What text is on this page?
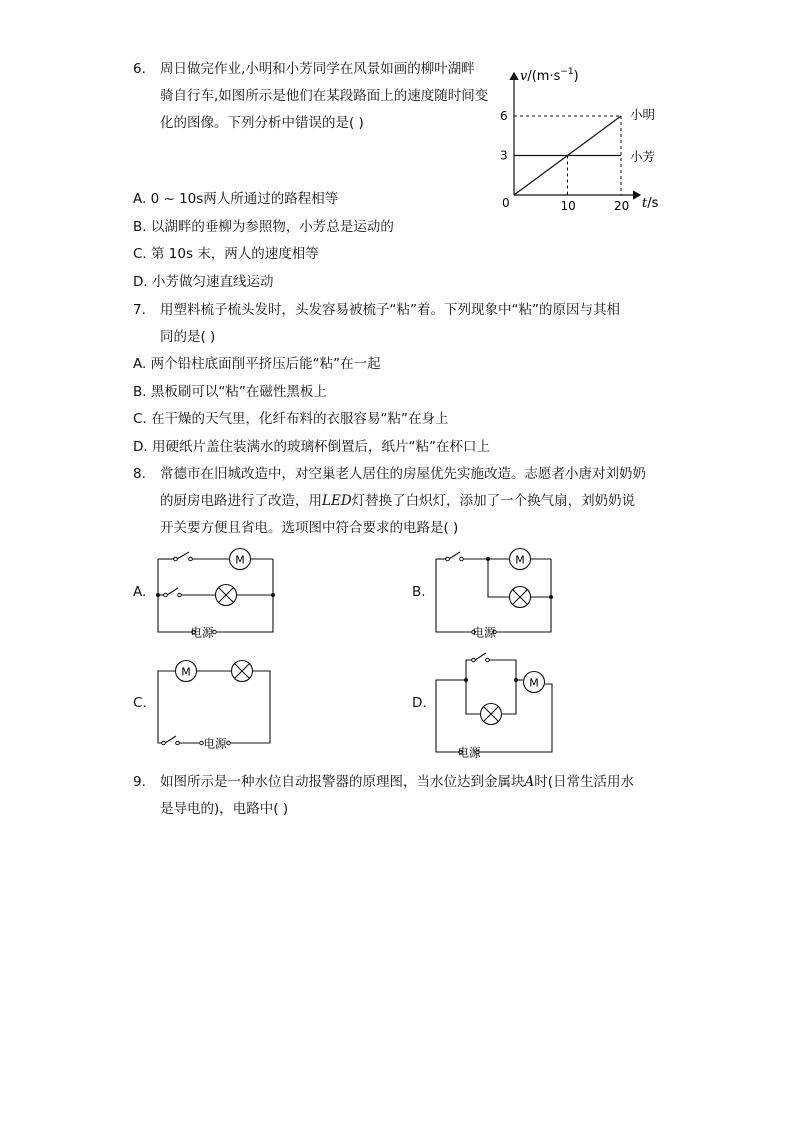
6. 周日做完作业,小明和小芳同学在风景如画的柳叶湖畔
骑自行车,如图所示是他们在某段路面上的速度随时间变
化的图像。下列分析中错误的是( )
A. 0 ~ 10s两人所通过的路程相等
B. 以湖畔的垂柳为参照物，小芳总是运动的
C. 第 10s 末，两人的速度相等
D. 小芳做匀速直线运动
$v/(m\cdot s^{-1})$
t/s
0	10	20
6
3
小明
小芳
7. 用塑料梳子梳头发时，头发容易被梳子“粘”着。下列现象中“粘”的原因与其相
同的是( )
A. 两个铅柱底面削平挤压后能“粘”在一起
B. 黑板刷可以“粘”在磁性黑板上
C. 在干燥的天气里，化纤布料的衣服容易“粘”在身上
D. 用硬纸片盖住装满水的玻璃杯倒置后，纸片“粘”在杯口上
8. 常德市在旧城改造中，对空巢老人居住的房屋优先实施改造。志愿者小唐对刘奶奶
的厨房电路进行了改造，用LED灯替换了白炽灯，添加了一个换气扇，刘奶奶说
开关要方便且省电。选项图中符合要求的电路是( )
A.
M
电源
B.
M
电源
C.
M
电源
D.
M
电源
9. 如图所示是一种水位自动报警器的原理图，当水位达到金属块A时(日常生活用水
是导电的)，电路中( )
